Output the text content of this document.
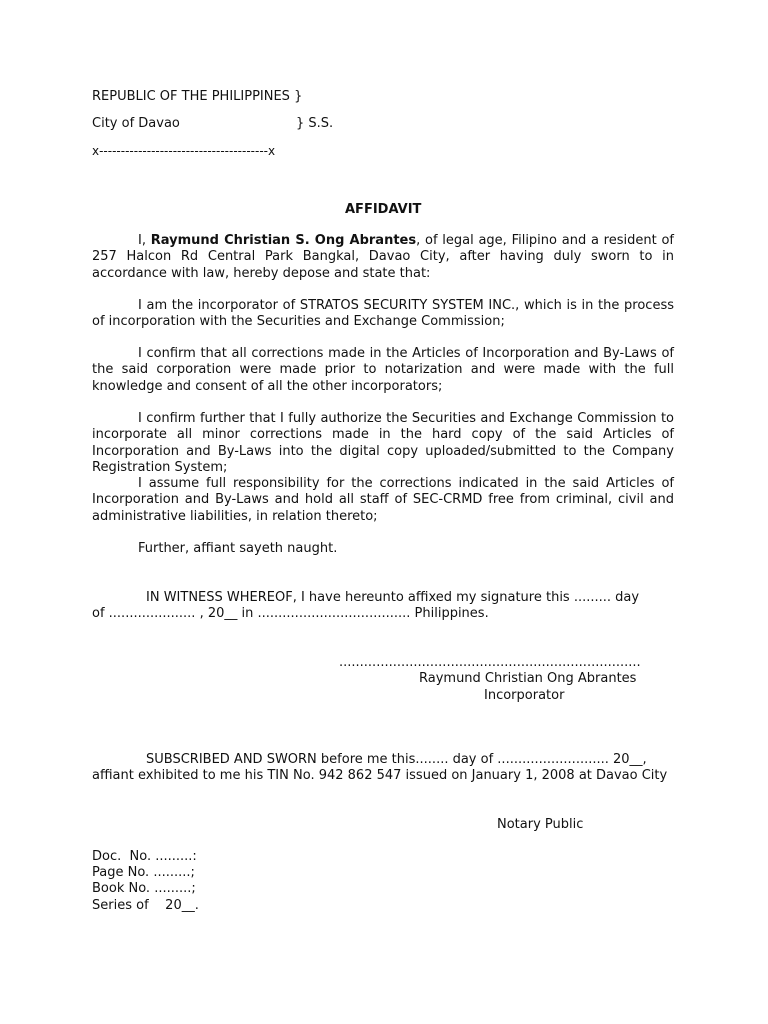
REPUBLIC OF THE PHILIPPINES }
City of Davao	} S.S.
x---------------------------------------x
AFFIDAVIT
I, Raymund Christian S. Ong Abrantes, of legal age, Filipino and a resident of 257 Halcon Rd Central Park Bangkal, Davao City, after having duly sworn to in accordance with law, hereby depose and state that:
I am the incorporator of STRATOS SECURITY SYSTEM INC., which is in the process of incorporation with the Securities and Exchange Commission;
I confirm that all corrections made in the Articles of Incorporation and By-Laws of the said corporation were made prior to notarization and were made with the full knowledge and consent of all the other incorporators;
I confirm further that I fully authorize the Securities and Exchange Commission to incorporate all minor corrections made in the hard copy of the said Articles of Incorporation and By-Laws into the digital copy uploaded/submitted to the Company Registration System;
I assume full responsibility for the corrections indicated in the said Articles of Incorporation and By-Laws and hold all staff of SEC-CRMD free from criminal, civil and administrative liabilities, in relation thereto;
Further, affiant sayeth naught.
IN WITNESS WHEREOF, I have hereunto affixed my signature this ......... day
of ..................... , 20__ in ..................................... Philippines.
.........................................................................
Raymund Christian Ong Abrantes
Incorporator
SUBSCRIBED AND SWORN before me this........ day of ........................... 20__,
affiant exhibited to me his TIN No. 942 862 547 issued on January 1, 2008 at Davao City
Notary Public
Doc.  No. .........:
Page No. .........;
Book No. .........;
Series of    20__.
